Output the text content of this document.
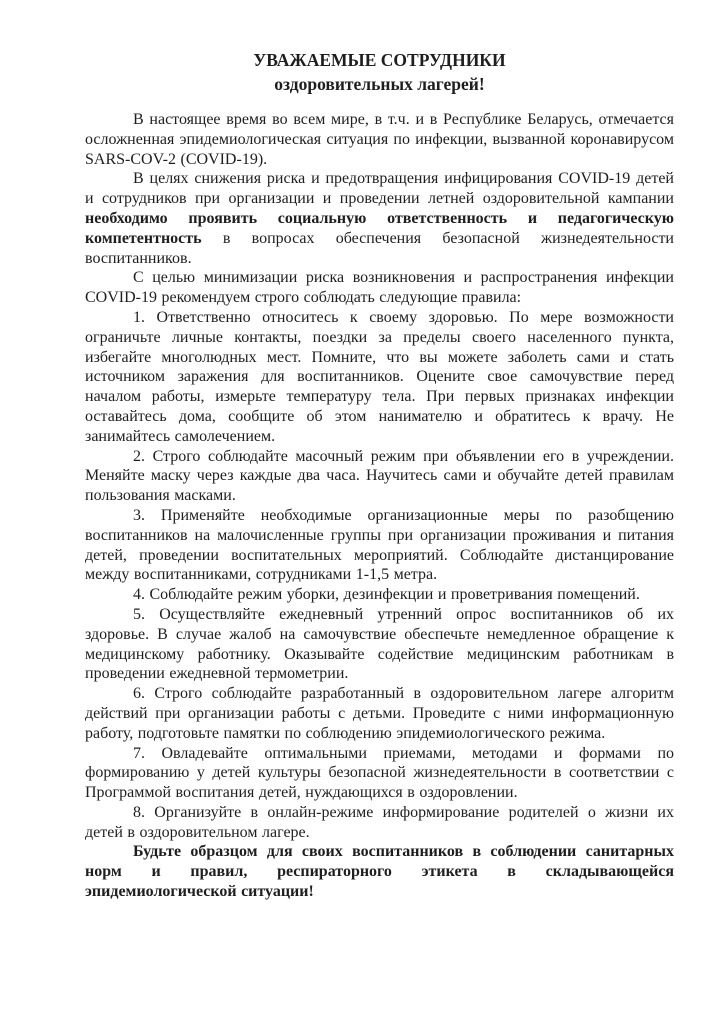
УВАЖАЕМЫЕ СОТРУДНИКИ
оздоровительных лагерей!

В настоящее время во всем мире, в т.ч. и в Республике Беларусь, отмечается осложненная эпидемиологическая ситуация по инфекции, вызванной коронавирусом SARS-COV-2 (COVID-19).

В целях снижения риска и предотвращения инфицирования COVID-19 детей и сотрудников при организации и проведении летней оздоровительной кампании необходимо проявить социальную ответственность и педагогическую компетентность в вопросах обеспечения безопасной жизнедеятельности воспитанников.

С целью минимизации риска возникновения и распространения инфекции COVID-19 рекомендуем строго соблюдать следующие правила:

1. Ответственно относитесь к своему здоровью. По мере возможности ограничьте личные контакты, поездки за пределы своего населенного пункта, избегайте многолюдных мест. Помните, что вы можете заболеть сами и стать источником заражения для воспитанников. Оцените свое самочувствие перед началом работы, измерьте температуру тела. При первых признаках инфекции оставайтесь дома, сообщите об этом нанимателю и обратитесь к врачу. Не занимайтесь самолечением.

2. Строго соблюдайте масочный режим при объявлении его в учреждении. Меняйте маску через каждые два часа. Научитесь сами и обучайте детей правилам пользования масками.

3. Применяйте необходимые организационные меры по разобщению воспитанников на малочисленные группы при организации проживания и питания детей, проведении воспитательных мероприятий. Соблюдайте дистанцирование между воспитанниками, сотрудниками 1-1,5 метра.

4. Соблюдайте режим уборки, дезинфекции и проветривания помещений.

5. Осуществляйте ежедневный утренний опрос воспитанников об их здоровье. В случае жалоб на самочувствие обеспечьте немедленное обращение к медицинскому работнику. Оказывайте содействие медицинским работникам в проведении ежедневной термометрии.

6. Строго соблюдайте разработанный в оздоровительном лагере алгоритм действий при организации работы с детьми. Проведите с ними информационную работу, подготовьте памятки по соблюдению эпидемиологического режима.

7. Овладевайте оптимальными приемами, методами и формами по формированию у детей культуры безопасной жизнедеятельности в соответствии с Программой воспитания детей, нуждающихся в оздоровлении.

8. Организуйте в онлайн-режиме информирование родителей о жизни их детей в оздоровительном лагере.

Будьте образцом для своих воспитанников в соблюдении санитарных норм и правил, респираторного этикета в складывающейся эпидемиологической ситуации!
